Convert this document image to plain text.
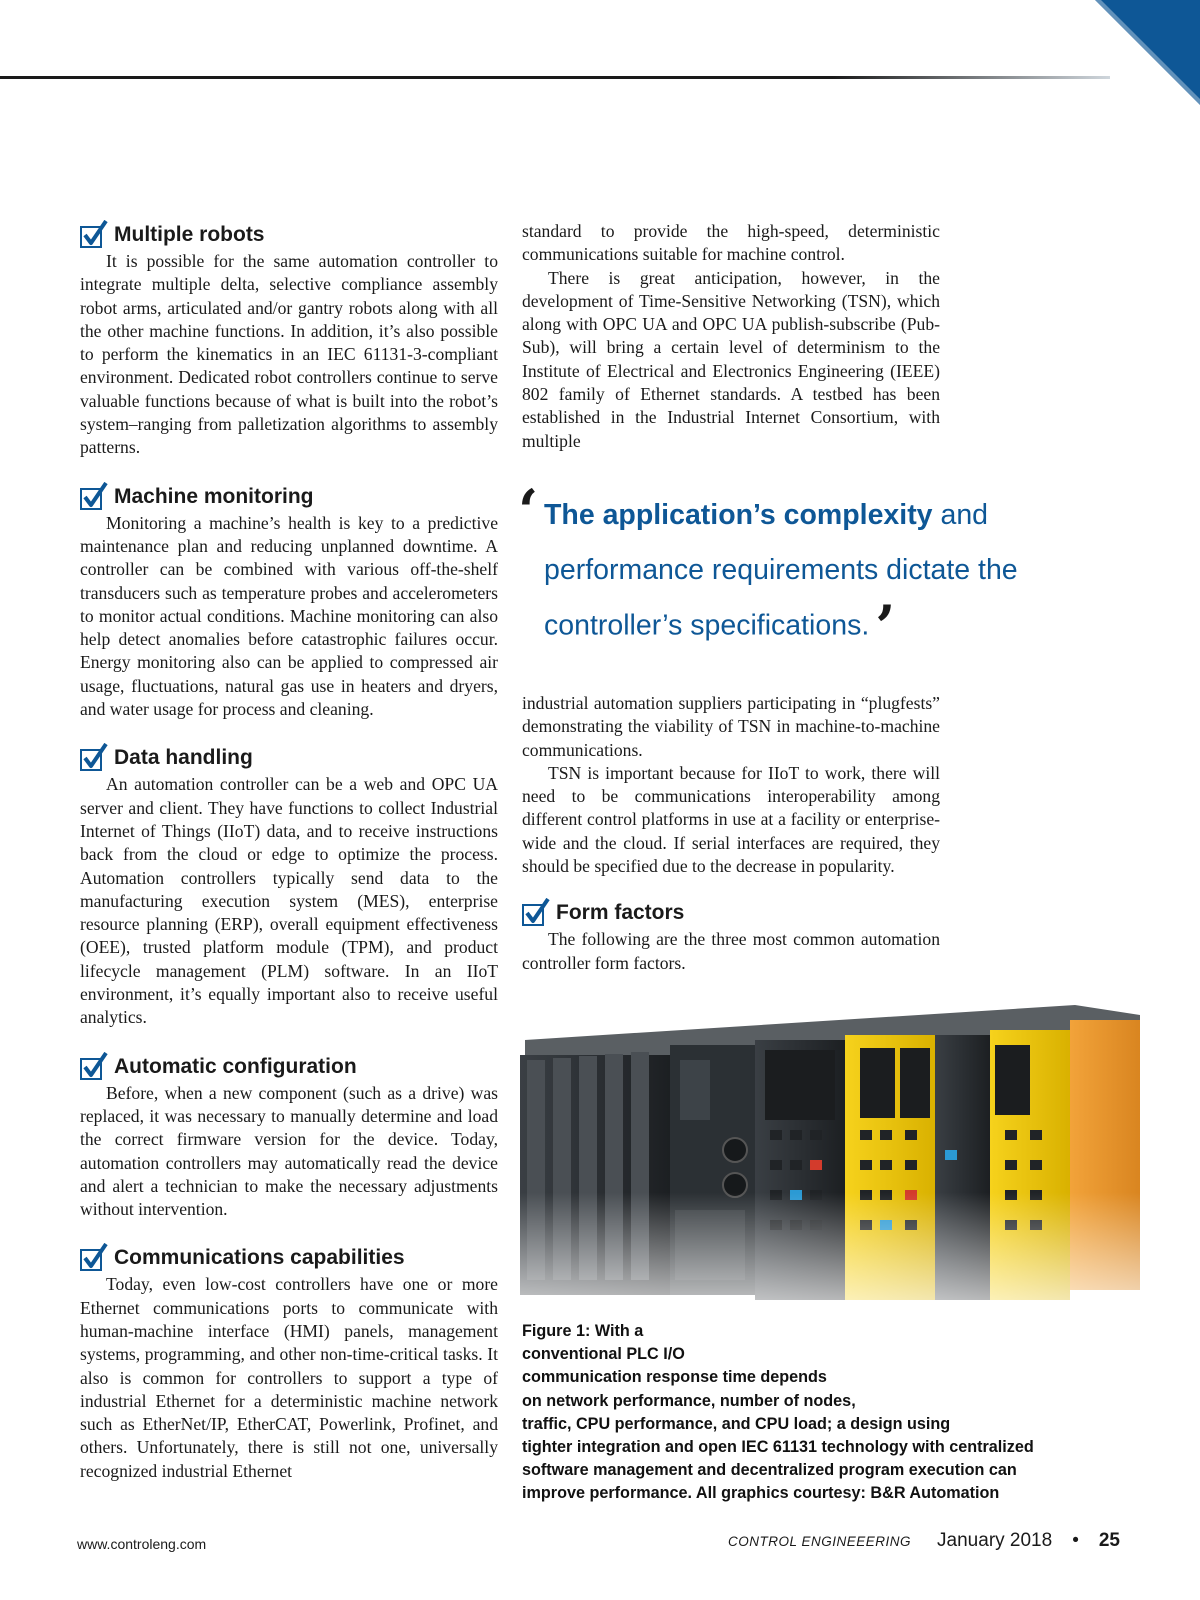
Multiple robots

It is possible for the same automation controller to integrate multiple delta, selective compliance assembly robot arms, articulated and/or gantry robots along with all the other machine functions. In addition, it’s also possible to perform the kinematics in an IEC 61131-3-compliant environment. Dedicated robot controllers continue to serve valuable functions because of what is built into the robot’s system–ranging from palletization algorithms to assembly patterns.

Machine monitoring

Monitoring a machine’s health is key to a predictive maintenance plan and reducing unplanned downtime. A controller can be combined with various off-the-shelf transducers such as temperature probes and accelerometers to monitor actual conditions. Machine monitoring can also help detect anomalies before catastrophic failures occur. Energy monitoring also can be applied to compressed air usage, fluctuations, natural gas use in heaters and dryers, and water usage for process and cleaning.

Data handling

An automation controller can be a web and OPC UA server and client. They have functions to collect Industrial Internet of Things (IIoT) data, and to receive instructions back from the cloud or edge to optimize the process. Automation controllers typically send data to the manufacturing execution system (MES), enterprise resource planning (ERP), overall equipment effectiveness (OEE), trusted platform module (TPM), and product lifecycle management (PLM) software. In an IIoT environment, it’s equally important also to receive useful analytics.

Automatic configuration

Before, when a new component (such as a drive) was replaced, it was necessary to manually determine and load the correct firmware version for the device. Today, automation controllers may automatically read the device and alert a technician to make the necessary adjustments without intervention.

Communications capabilities

Today, even low-cost controllers have one or more Ethernet communications ports to communicate with human-machine interface (HMI) panels, management systems, programming, and other non-time-critical tasks. It also is common for controllers to support a type of industrial Ethernet for a deterministic machine network such as EtherNet/IP, EtherCAT, Powerlink, Profinet, and others. Unfortunately, there is still not one, universally recognized industrial Ethernet

standard to provide the high-speed, deterministic communications suitable for machine control.

There is great anticipation, however, in the development of Time-Sensitive Networking (TSN), which along with OPC UA and OPC UA publish-subscribe (Pub-Sub), will bring a certain level of determinism to the Institute of Electrical and Electronics Engineering (IEEE) 802 family of Ethernet standards. A testbed has been established in the Industrial Internet Consortium, with multiple

‘ The application’s complexity and performance requirements dictate the controller’s specifications. ’

industrial automation suppliers participating in “plugfests” demonstrating the viability of TSN in machine-to-machine communications.

TSN is important because for IIoT to work, there will need to be communications interoperability among different control platforms in use at a facility or enterprise-wide and the cloud. If serial interfaces are required, they should be specified due to the decrease in popularity.

Form factors

The following are the three most common automation controller form factors.

Figure 1: With a
conventional PLC I/O
communication response time depends
on network performance, number of nodes,
traffic, CPU performance, and CPU load; a design using
tighter integration and open IEC 61131 technology with centralized
software management and decentralized program execution can
improve performance. All graphics courtesy: B&R Automation
www.controleng.com	CONTROL ENGINEEERING January 2018 • 25
